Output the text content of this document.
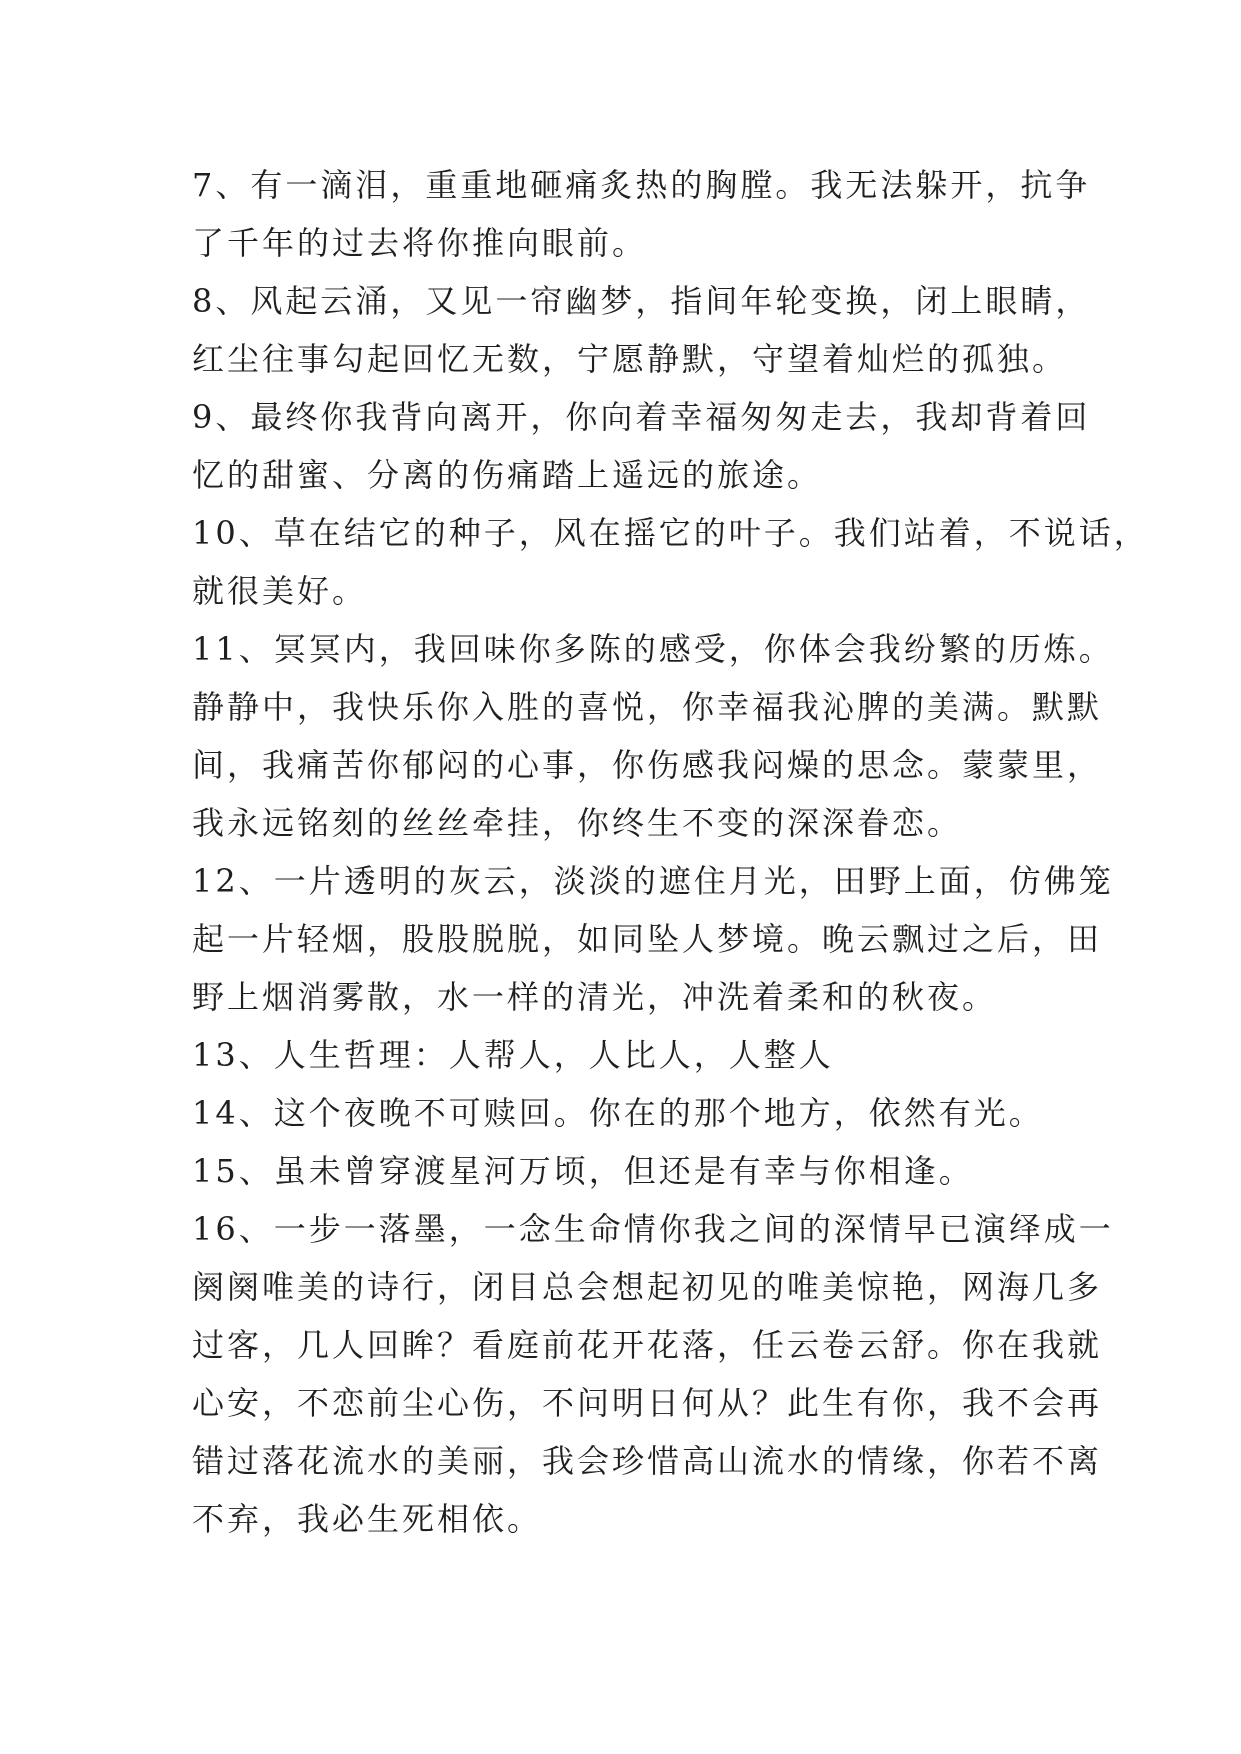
7、有一滴泪，重重地砸痛炙热的胸膛。我无法躲开，抗争
了千年的过去将你推向眼前。
8、风起云涌，又见一帘幽梦，指间年轮变换，闭上眼睛，
红尘往事勾起回忆无数，宁愿静默，守望着灿烂的孤独。
9、最终你我背向离开，你向着幸福匆匆走去，我却背着回
忆的甜蜜、分离的伤痛踏上遥远的旅途。
10、草在结它的种子，风在摇它的叶子。我们站着，不说话，
就很美好。
11、冥冥内，我回味你多陈的感受，你体会我纷繁的历炼。
静静中，我快乐你入胜的喜悦，你幸福我沁脾的美满。默默
间，我痛苦你郁闷的心事，你伤感我闷燥的思念。蒙蒙里，
我永远铭刻的丝丝牵挂，你终生不变的深深眷恋。
12、一片透明的灰云，淡淡的遮住月光，田野上面，仿佛笼
起一片轻烟，股股脱脱，如同坠人梦境。晚云飘过之后，田
野上烟消雾散，水一样的清光，冲洗着柔和的秋夜。
13、人生哲理：人帮人，人比人，人整人
14、这个夜晚不可赎回。你在的那个地方，依然有光。
15、虽未曾穿渡星河万顷，但还是有幸与你相逢。
16、一步一落墨，一念生命情你我之间的深情早已演绎成一
阕阕唯美的诗行，闭目总会想起初见的唯美惊艳，网海几多
过客，几人回眸？看庭前花开花落，任云卷云舒。你在我就
心安，不恋前尘心伤，不问明日何从？此生有你，我不会再
错过落花流水的美丽，我会珍惜高山流水的情缘，你若不离
不弃，我必生死相依。
